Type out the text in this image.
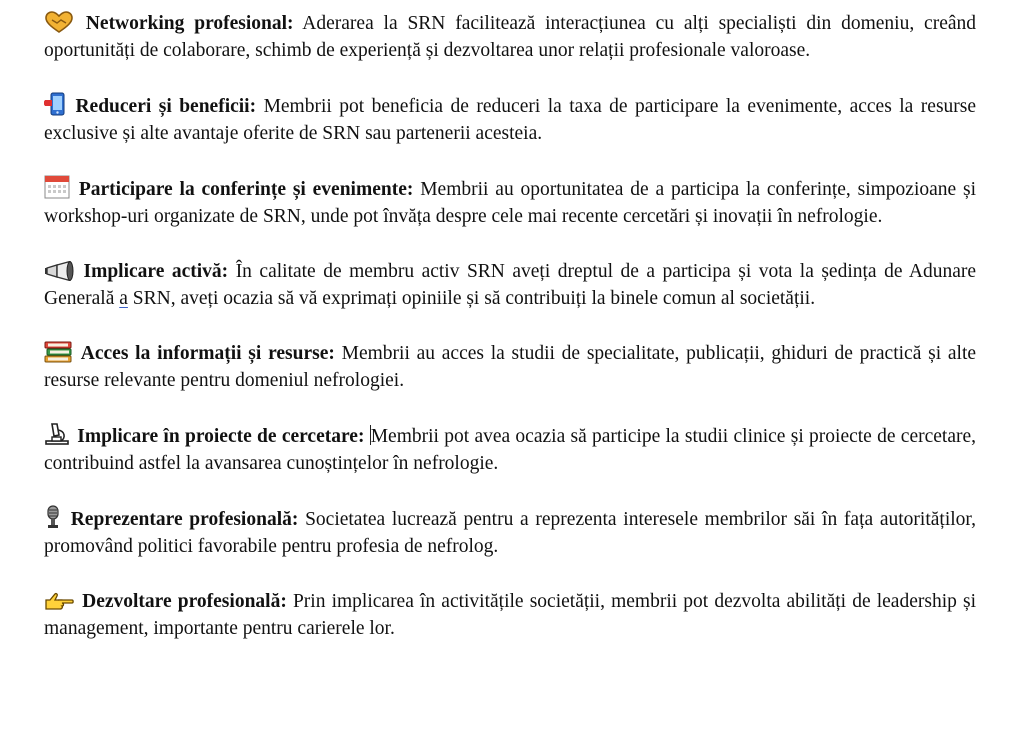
Networking profesional: Aderarea la SRN facilitează interacțiunea cu alți specialiști din domeniu, creând oportunități de colaborare, schimb de experiență și dezvoltarea unor relații profesionale valoroase.

Reduceri și beneficii: Membrii pot beneficia de reduceri la taxa de participare la evenimente, acces la resurse exclusive și alte avantaje oferite de SRN sau partenerii acesteia.

Participare la conferințe și evenimente: Membrii au oportunitatea de a participa la conferințe, simpozioane și workshop-uri organizate de SRN, unde pot învăța despre cele mai recente cercetări și inovații în nefrologie.

Implicare activă: În calitate de membru activ SRN aveți dreptul de a participa și vota la ședința de Adunare Generală a SRN, aveți ocazia să vă exprimați opiniile și să contribuiți la binele comun al societății.

Acces la informații și resurse: Membrii au acces la studii de specialitate, publicații, ghiduri de practică și alte resurse relevante pentru domeniul nefrologiei.

Implicare în proiecte de cercetare: Membrii pot avea ocazia să participe la studii clinice și proiecte de cercetare, contribuind astfel la avansarea cunoștințelor în nefrologie.

Reprezentare profesională: Societatea lucrează pentru a reprezenta interesele membrilor săi în fața autorităților, promovând politici favorabile pentru profesia de nefrolog.

Dezvoltare profesională: Prin implicarea în activitățile societății, membrii pot dezvolta abilități de leadership și management, importante pentru carierele lor.
